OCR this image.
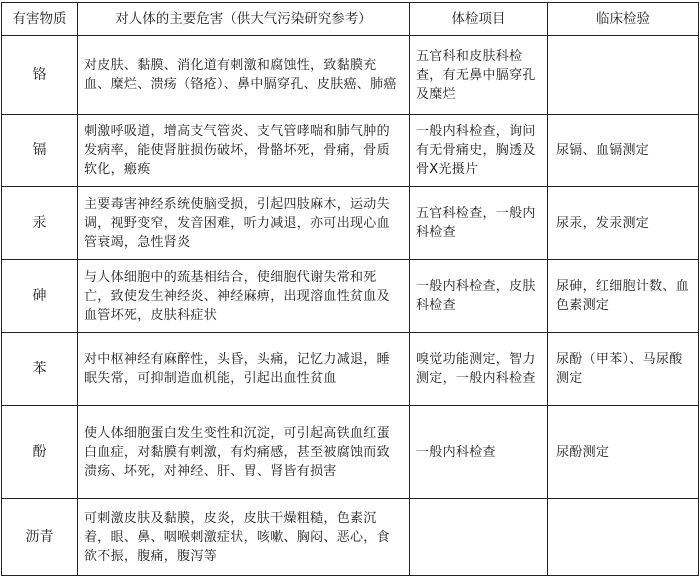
有害物质	对人体的主要危害（供大气污染研究参考）	体检项目	临床检验
铬	对皮肤、黏膜、消化道有刺激和腐蚀性，致黏膜充血、糜烂、溃疡（铬疮）、鼻中膈穿孔、皮肤癌、肺癌	五官科和皮肤科检查，有无鼻中膈穿孔及糜烂	
镉	刺激呼吸道，增高支气管炎、支气管哮喘和肺气肿的发病率，能使肾脏损伤破坏，骨骼坏死，骨痛，骨质软化，瘢痪	一般内科检查，询问有无骨痛史，胸透及骨X光摄片	尿镉、血镉测定
汞	主要毒害神经系统使脑受损，引起四肢麻木，运动失调，视野变窄，发音困难，听力减退，亦可出现心血管衰竭，急性肾炎	五官科检查，一般内科检查	尿汞，发汞测定
砷	与人体细胞中的巯基相结合，使细胞代谢失常和死亡，致使发生神经炎、神经麻痹，出现溶血性贫血及血管坏死，皮肤科症状	一般内科检查，皮肤科检查	尿砷，红细胞计数、血色素测定
苯	对中枢神经有麻醉性，头昏，头痛，记忆力减退，睡眠失常，可抑制造血机能，引起出血性贫血	嗅觉功能测定，智力测定，一般内科检查	尿酚（甲苯）、马尿酸测定
酚	使人体细胞蛋白发生变性和沉淀，可引起高铁血红蛋白血症，对黏膜有刺激，有灼痛感，甚至被腐蚀而致溃疡、坏死，对神经、肝、胃、肾皆有损害	一般内科检查	尿酚测定
沥青	可刺激皮肤及黏膜，皮炎，皮肤干燥粗糙，色素沉着，眼、鼻、咽喉刺激症状，咳嗽、胸闷、恶心，食欲不振，腹痛，腹泻等		
